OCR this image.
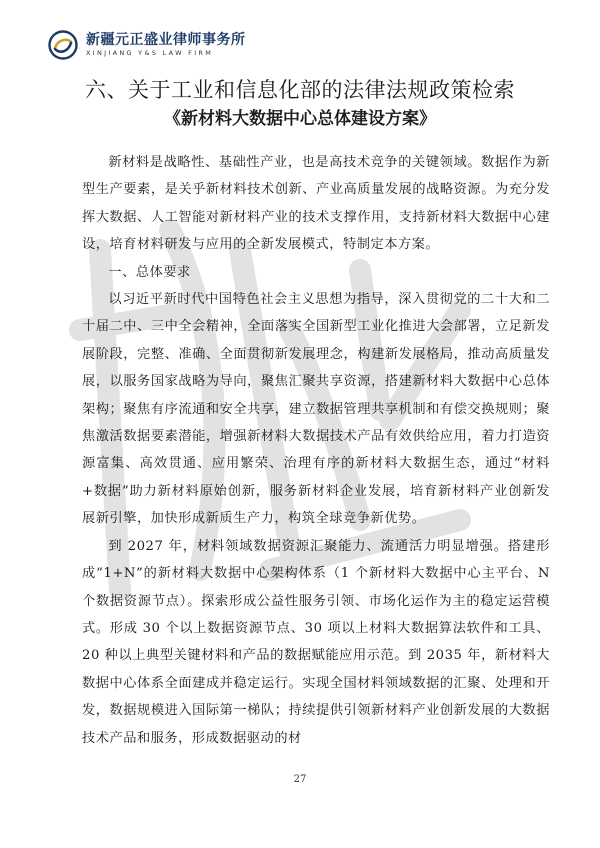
新疆元正盛业律师事务所
XINJIANG Y&S LAW FIRM
六、关于工业和信息化部的法律法规政策检索
《新材料大数据中心总体建设方案》

新材料是战略性、基础性产业，也是高技术竞争的关键领域。数据作为新型生产要素，是关乎新材料技术创新、产业高质量发展的战略资源。为充分发挥大数据、人工智能对新材料产业的技术支撑作用，支持新材料大数据中心建设，培育材料研发与应用的全新发展模式，特制定本方案。

一、总体要求

以习近平新时代中国特色社会主义思想为指导，深入贯彻党的二十大和二十届二中、三中全会精神，全面落实全国新型工业化推进大会部署，立足新发展阶段，完整、准确、全面贯彻新发展理念，构建新发展格局，推动高质量发展，以服务国家战略为导向，聚焦汇聚共享资源，搭建新材料大数据中心总体架构；聚焦有序流通和安全共享，建立数据管理共享机制和有偿交换规则；聚焦激活数据要素潜能，增强新材料大数据技术产品有效供给应用，着力打造资源富集、高效贯通、应用繁荣、治理有序的新材料大数据生态，通过“材料+数据”助力新材料原始创新，服务新材料企业发展，培育新材料产业创新发展新引擎，加快形成新质生产力，构筑全球竞争新优势。

到 2027 年，材料领域数据资源汇聚能力、流通活力明显增强。搭建形成“1+N”的新材料大数据中心架构体系（1 个新材料大数据中心主平台、N 个数据资源节点）。探索形成公益性服务引领、市场化运作为主的稳定运营模式。形成 30 个以上数据资源节点、30 项以上材料大数据算法软件和工具、20 种以上典型关键材料和产品的数据赋能应用示范。到 2035 年，新材料大数据中心体系全面建成并稳定运行。实现全国材料领域数据的汇聚、处理和开发，数据规模进入国际第一梯队；持续提供引领新材料产业创新发展的大数据技术产品和服务，形成数据驱动的材

27
